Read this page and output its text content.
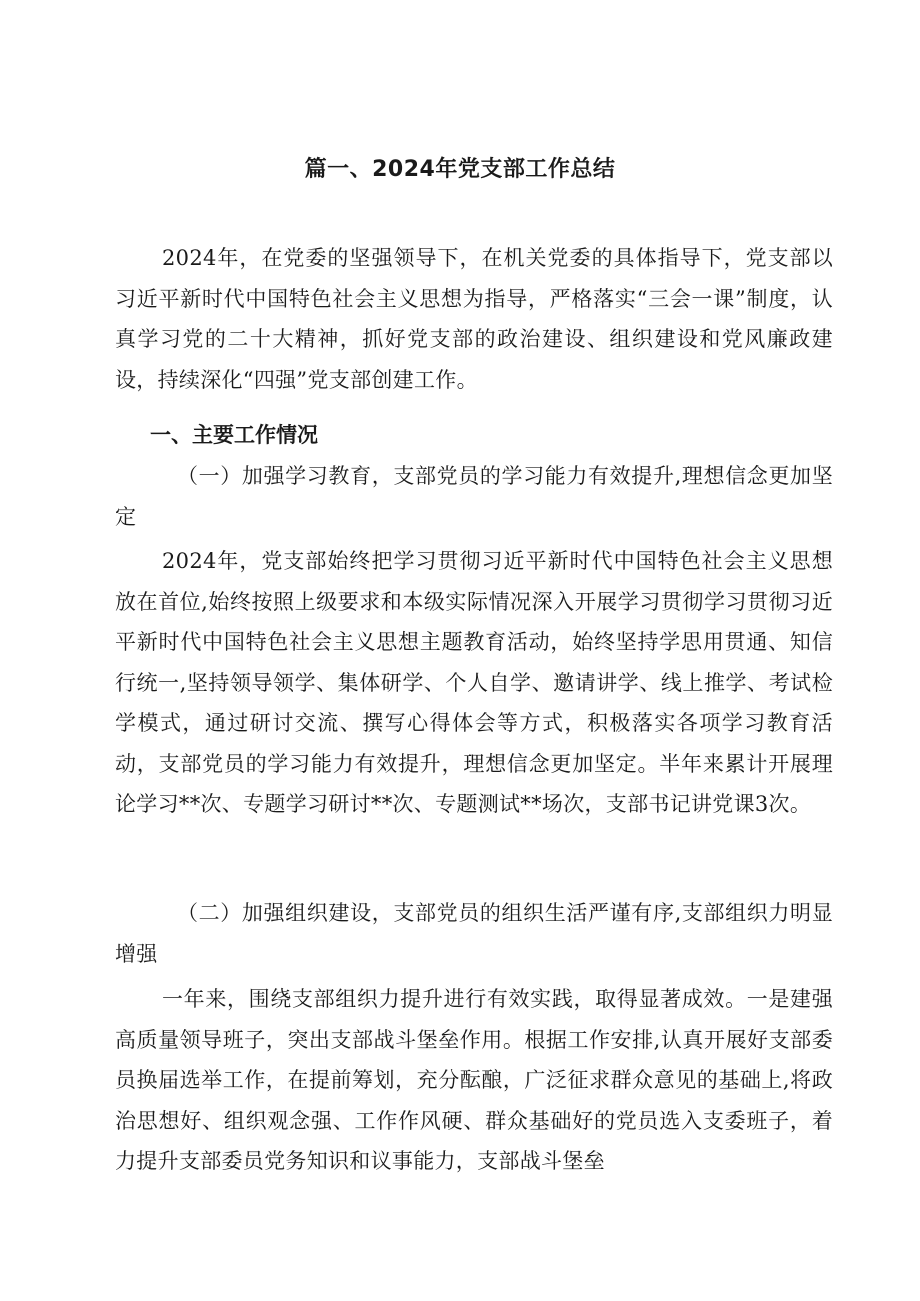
篇一、2024年党支部工作总结

2024年，在党委的坚强领导下，在机关党委的具体指导下，党支部以习近平新时代中国特色社会主义思想为指导，严格落实“三会一课”制度，认真学习党的二十大精神，抓好党支部的政治建设、组织建设和党风廉政建设，持续深化“四强”党支部创建工作。

一、主要工作情况

（一）加强学习教育，支部党员的学习能力有效提升,理想信念更加坚定

2024年，党支部始终把学习贯彻习近平新时代中国特色社会主义思想放在首位,始终按照上级要求和本级实际情况深入开展学习贯彻学习贯彻习近平新时代中国特色社会主义思想主题教育活动，始终坚持学思用贯通、知信行统一,坚持领导领学、集体研学、个人自学、邀请讲学、线上推学、考试检学模式，通过研讨交流、撰写心得体会等方式，积极落实各项学习教育活动，支部党员的学习能力有效提升，理想信念更加坚定。半年来累计开展理论学习**次、专题学习研讨**次、专题测试**场次，支部书记讲党课3次。

（二）加强组织建设，支部党员的组织生活严谨有序,支部组织力明显增强

一年来，围绕支部组织力提升进行有效实践，取得显著成效。一是建强高质量领导班子，突出支部战斗堡垒作用。根据工作安排,认真开展好支部委员换届选举工作，在提前筹划，充分酝酿，广泛征求群众意见的基础上,将政治思想好、组织观念强、工作作风硬、群众基础好的党员选入支委班子，着力提升支部委员党务知识和议事能力，支部战斗堡垒
